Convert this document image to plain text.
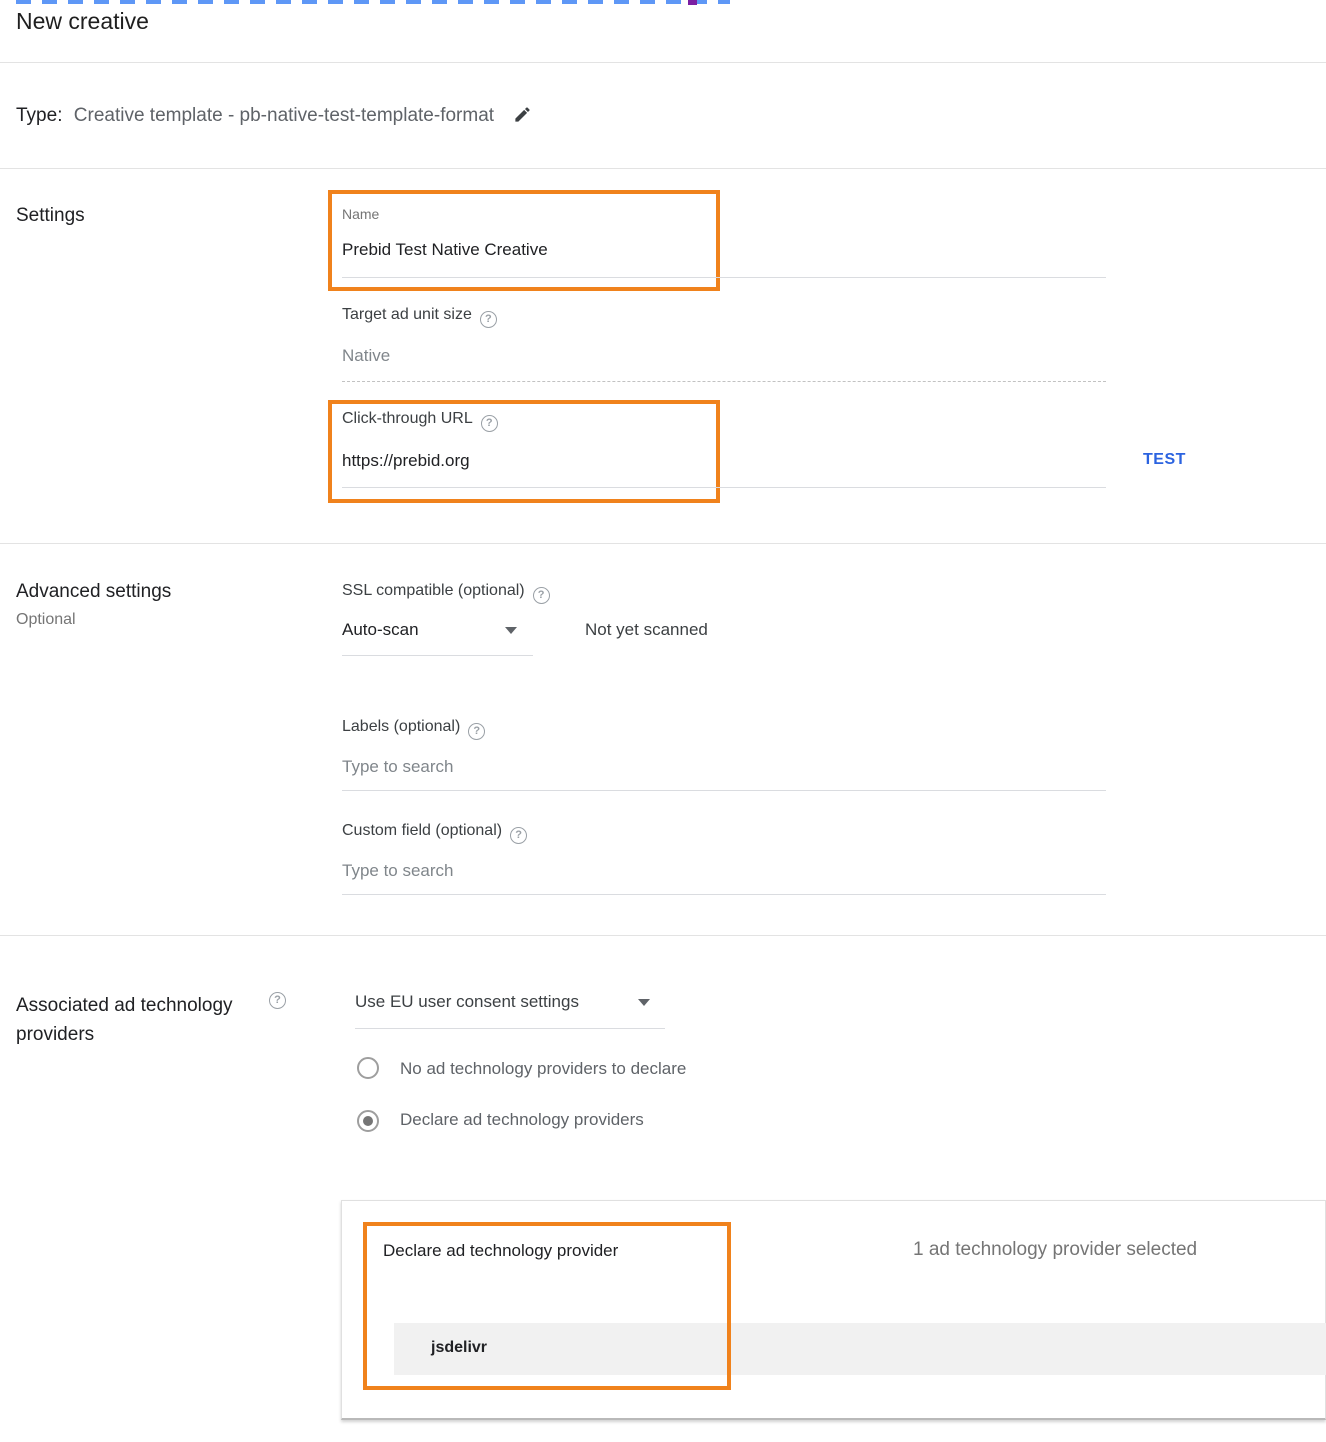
New creative
Type: Creative template - pb-native-test-template-format
Settings	Name
Prebid Test Native Creative
Target ad unit size ?
Native
Click-through URL ?
https://prebid.org	TEST
Advanced settings
Optional
SSL compatible (optional) ?
Auto-scan	Not yet scanned
Labels (optional) ?
Type to search
Custom field (optional) ?
Type to search
Associated ad technology providers
?	Use EU user consent settings
No ad technology providers to declare
Declare ad technology providers
Declare ad technology provider	1 ad technology provider selected
jsdelivr
